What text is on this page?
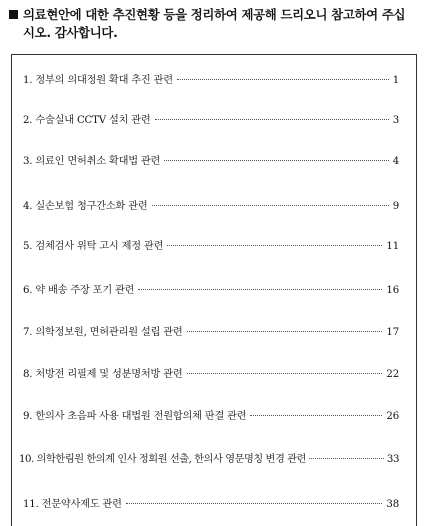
의료현안에 대한 추진현황 등을 정리하여 제공해 드리오니 참고하여 주십
시오. 감사합니다.
1. 정부의 의대정원 확대 추진 관련	1
2. 수술실내 CCTV 설치 관련	3
3. 의료인 면허취소 확대법 관련	4
4. 실손보험 청구간소화 관련	9
5. 검체검사 위탁 고시 제정 관련	11
6. 약 배송 주장 포기 관련	16
7. 의학정보원, 면허관리원 설립 관련	17
8. 처방전 리필제 및 성분명처방 관련	22
9. 한의사 초음파 사용 대법원 전원합의체 판결 관련	26
10. 의학한림원 한의계 인사 정회원 선출, 한의사 영문명칭 변경 관련	33
11. 전문약사제도 관련	38
